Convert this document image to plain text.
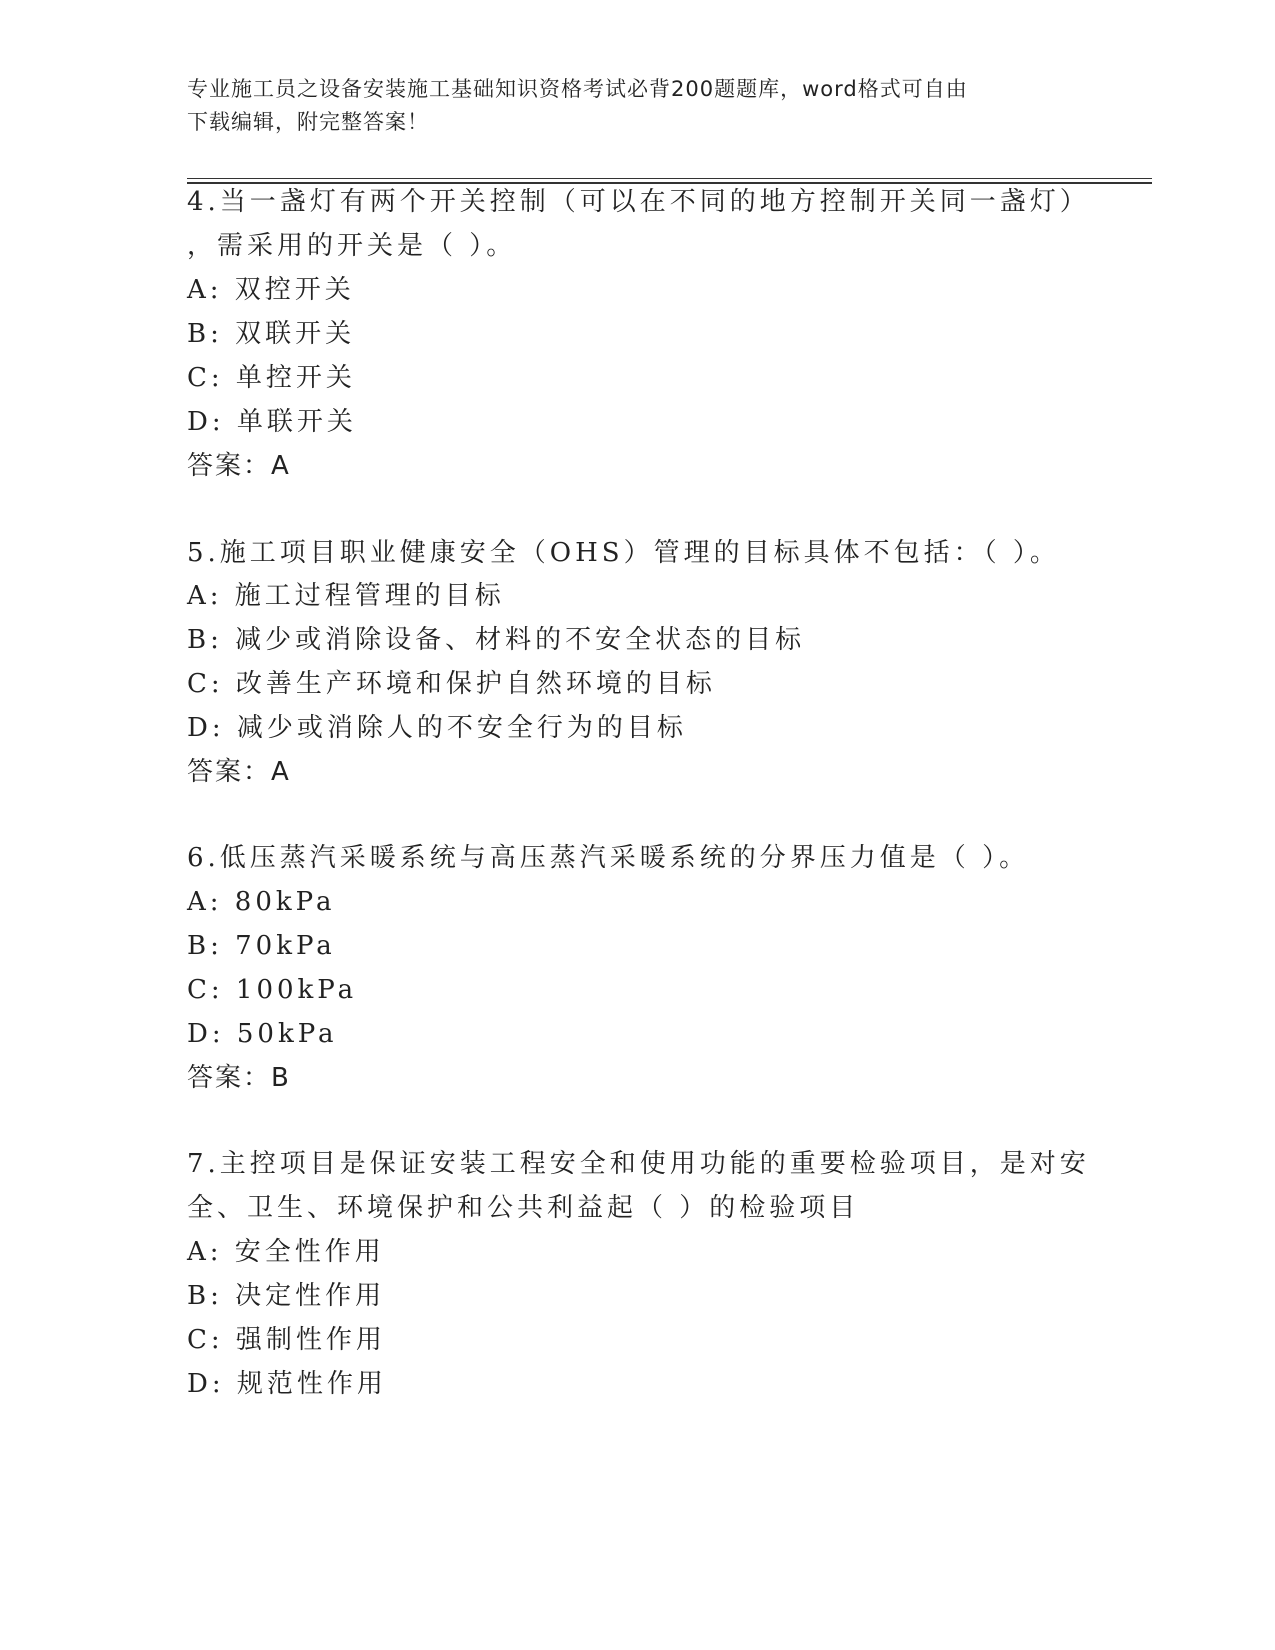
专业施工员之设备安装施工基础知识资格考试必背200题题库，word格式可自由
下载编辑，附完整答案！
4.当一盏灯有两个开关控制（可以在不同的地方控制开关同一盏灯）
，需采用的开关是（ ）。
A: 双控开关
B: 双联开关
C: 单控开关
D: 单联开关
答案：A
5.施工项目职业健康安全（OHS）管理的目标具体不包括：（ ）。
A: 施工过程管理的目标
B: 减少或消除设备、材料的不安全状态的目标
C: 改善生产环境和保护自然环境的目标
D: 减少或消除人的不安全行为的目标
答案：A
6.低压蒸汽采暖系统与高压蒸汽采暖系统的分界压力值是（ ）。
A: 80kPa
B: 70kPa
C: 100kPa
D: 50kPa
答案：B
7.主控项目是保证安装工程安全和使用功能的重要检验项目，是对安
全、卫生、环境保护和公共利益起（ ）的检验项目
A: 安全性作用
B: 决定性作用
C: 强制性作用
D: 规范性作用
